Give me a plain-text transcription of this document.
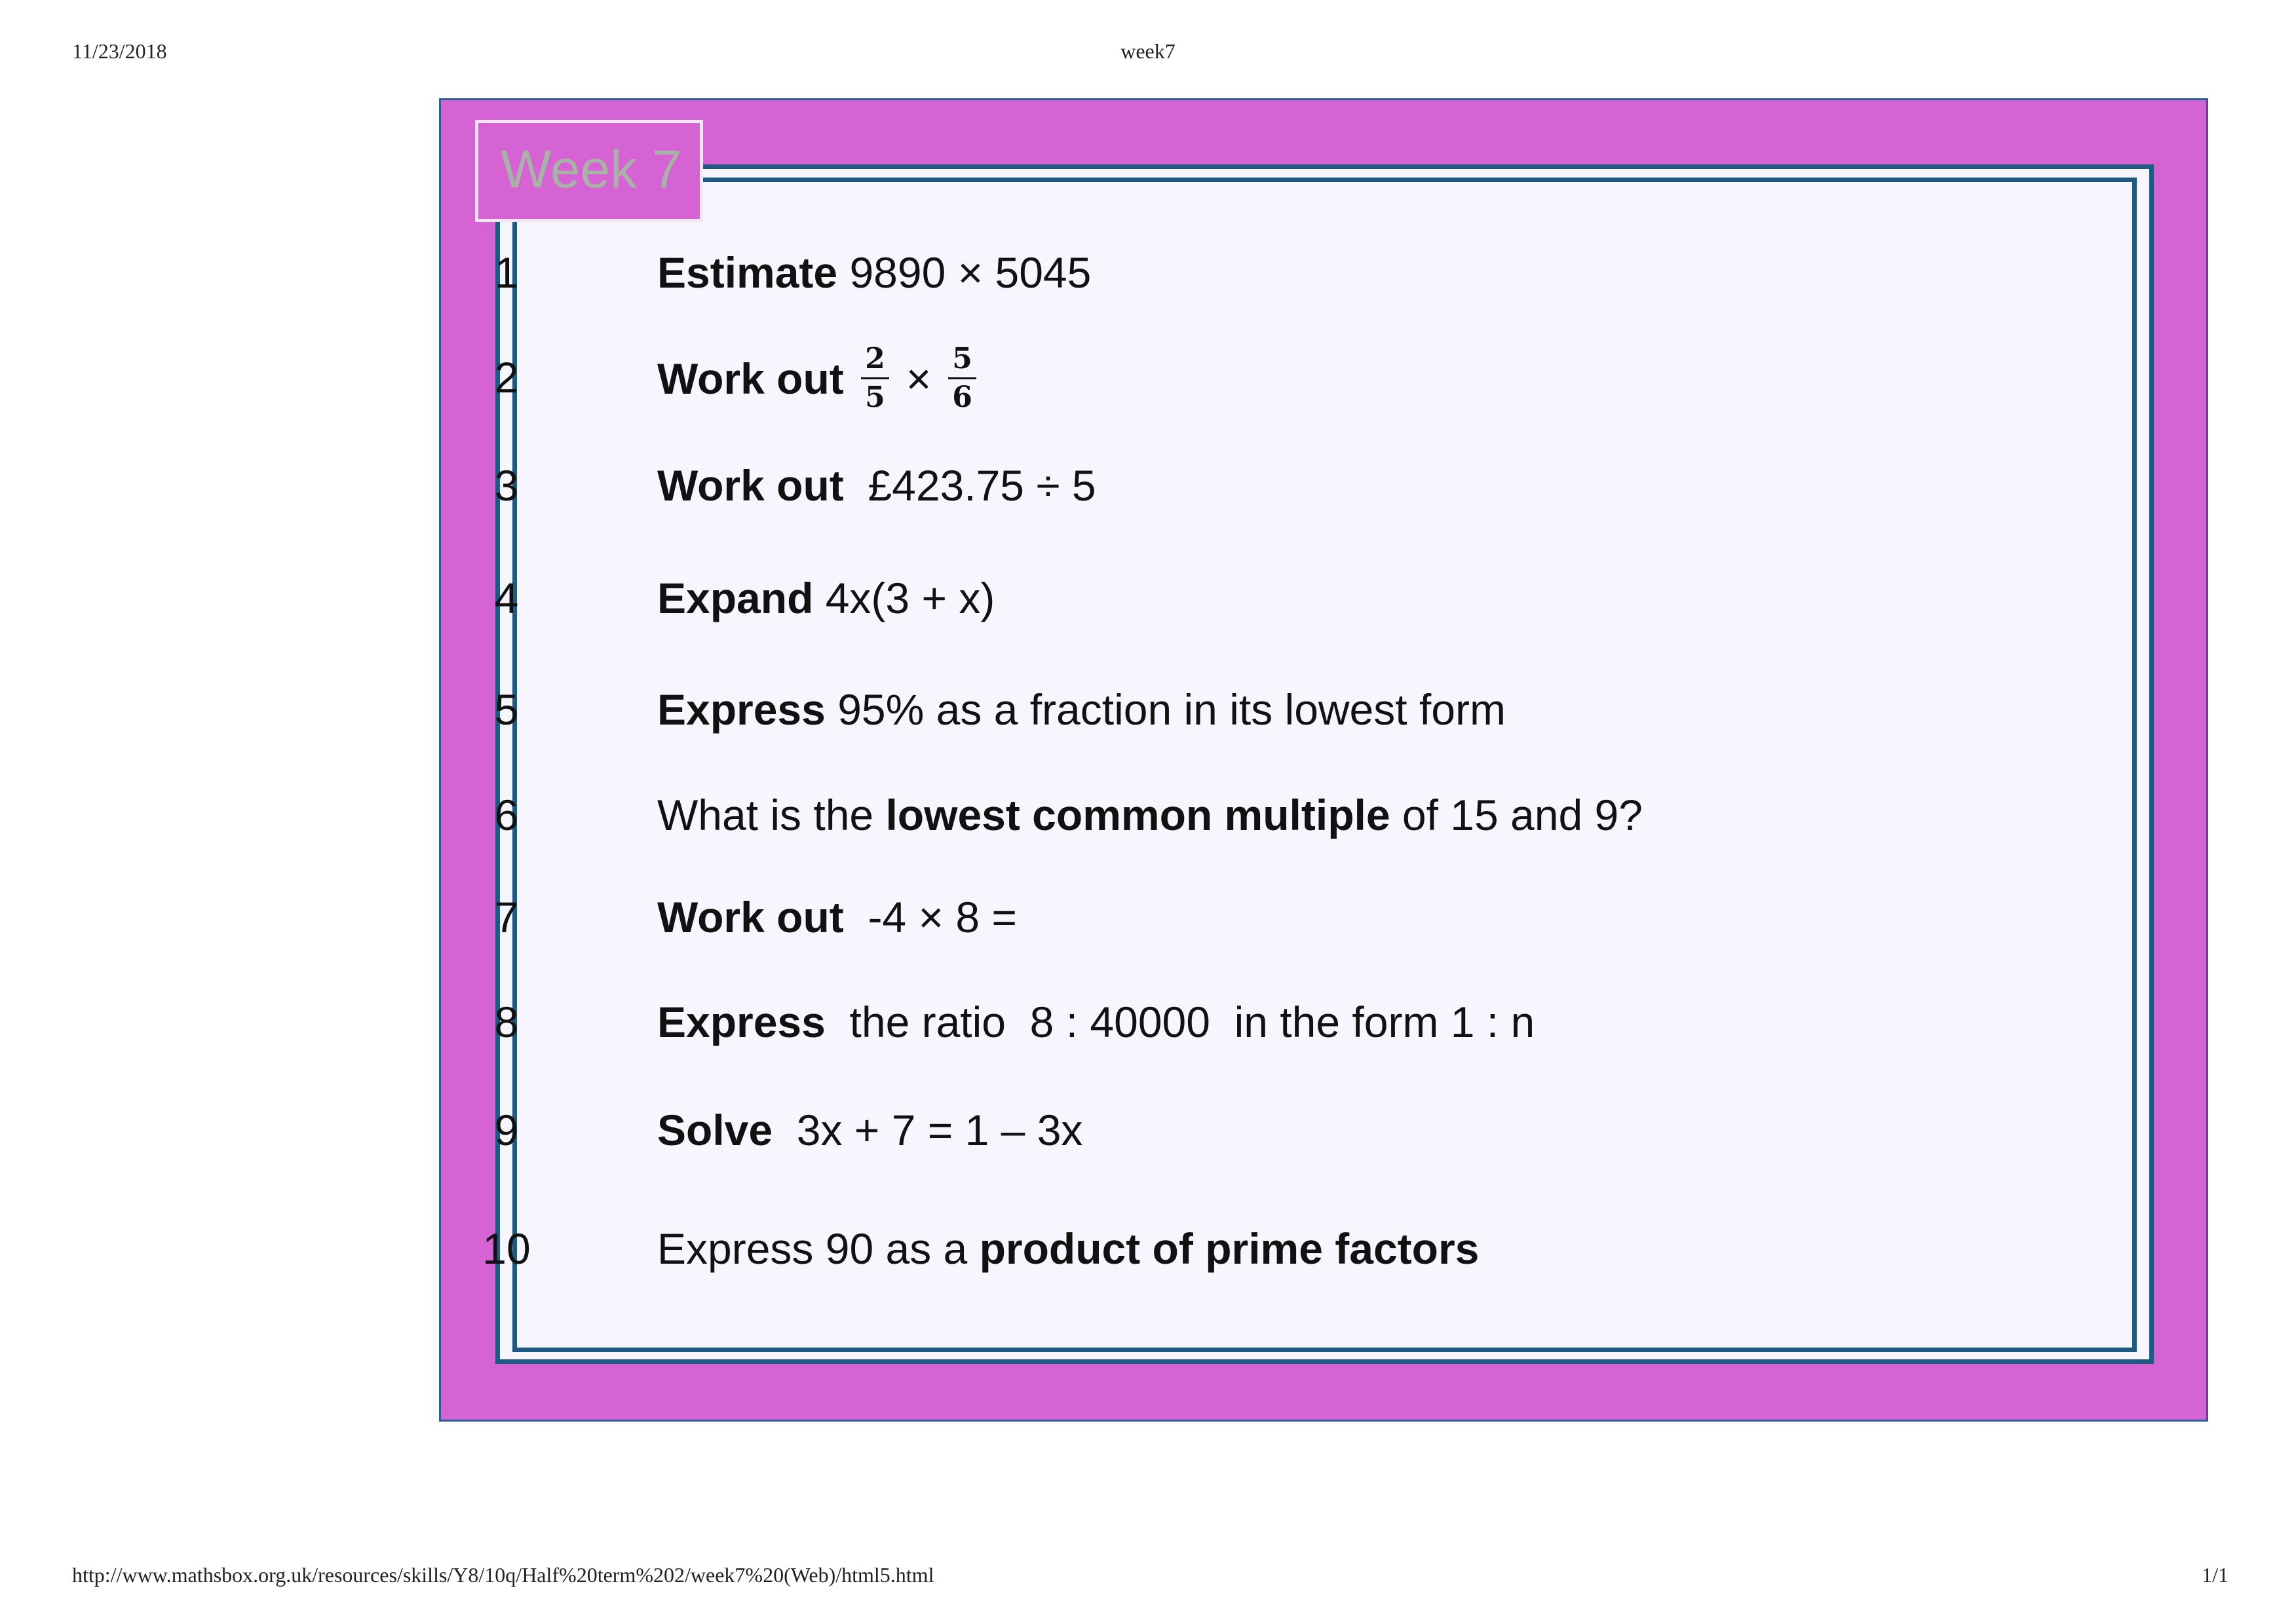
11/23/2018	week7
Week 7
1	Estimate 9890 × 5045
2	Work out $\frac{2}{5} \times \frac{5}{6}$
3	Work out  £423.75 ÷ 5
4	Expand 4x(3 + x)
5	Express 95% as a fraction in its lowest form
6	What is the lowest common multiple of 15 and 9?
7	Work out  -4 × 8 =
8	Express  the ratio  8 : 40000  in the form 1 : n
9	Solve  3x + 7 = 1 – 3x
10	Express 90 as a product of prime factors
http://www.mathsbox.org.uk/resources/skills/Y8/10q/Half%20term%202/week7%20(Web)/html5.html	1/1
